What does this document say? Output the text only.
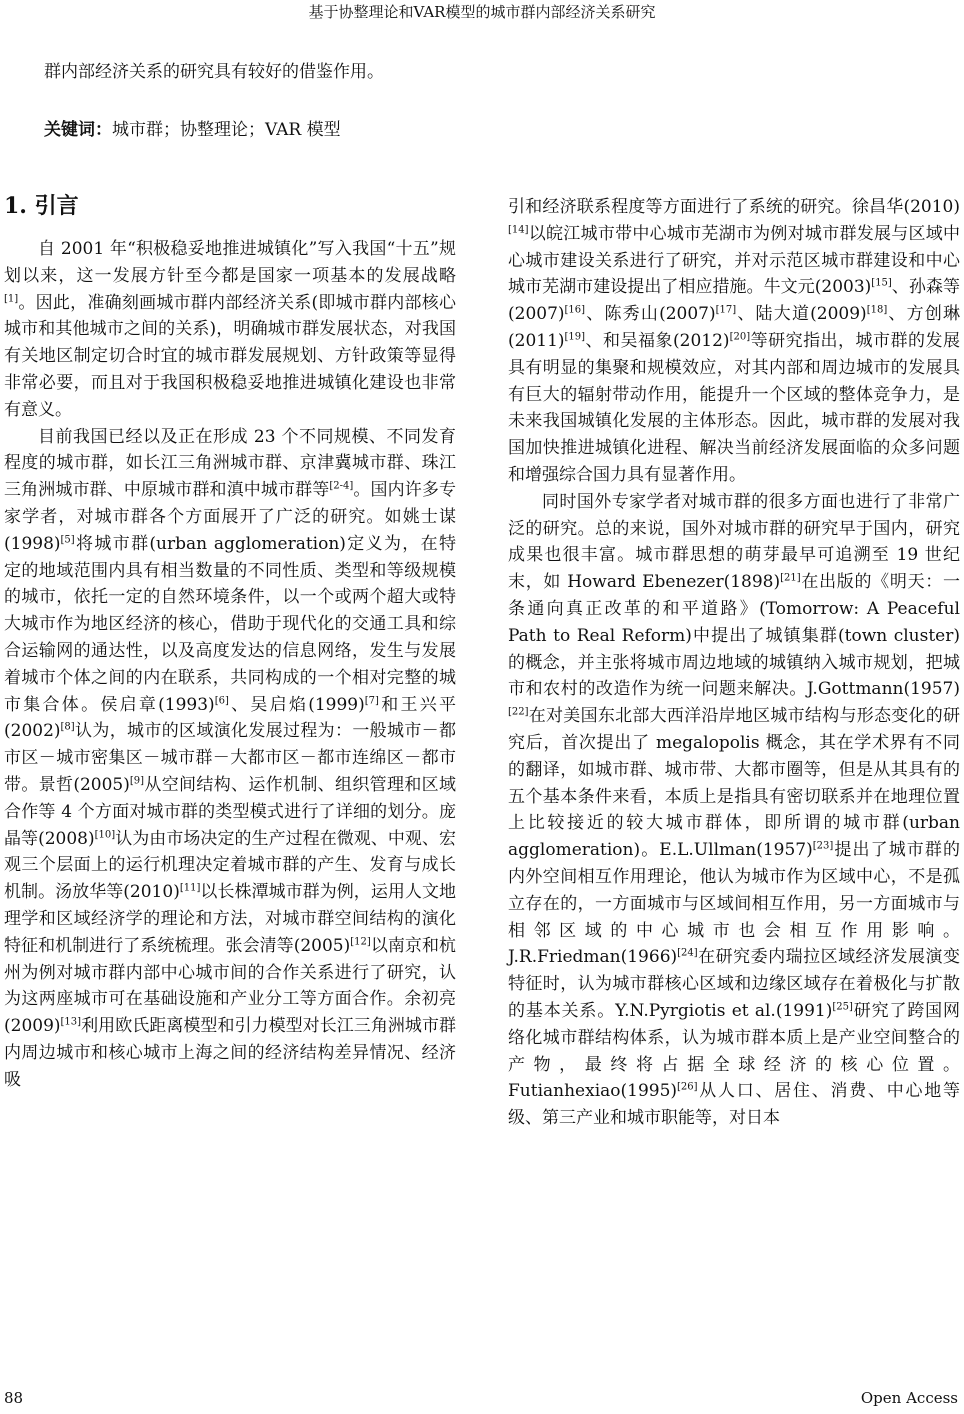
基于协整理论和VAR模型的城市群内部经济关系研究
群内部经济关系的研究具有较好的借鉴作用。
关键词：城市群；协整理论；VAR 模型
1. 引言

自 2001 年“积极稳妥地推进城镇化”写入我国“十五”规划以来，这一发展方针至今都是国家一项基本的发展战略[1]。因此，准确刻画城市群内部经济关系(即城市群内部核心城市和其他城市之间的关系)，明确城市群发展状态，对我国有关地区制定切合时宜的城市群发展规划、方针政策等显得非常必要，而且对于我国积极稳妥地推进城镇化建设也非常有意义。

目前我国已经以及正在形成 23 个不同规模、不同发育程度的城市群，如长江三角洲城市群、京津冀城市群、珠江三角洲城市群、中原城市群和滇中城市群等[2-4]。国内许多专家学者，对城市群各个方面展开了广泛的研究。如姚士谋(1998)[5]将城市群(urban agglomeration)定义为，在特定的地域范围内具有相当数量的不同性质、类型和等级规模的城市，依托一定的自然环境条件，以一个或两个超大或特大城市作为地区经济的核心，借助于现代化的交通工具和综合运输网的通达性，以及高度发达的信息网络，发生与发展着城市个体之间的内在联系，共同构成的一个相对完整的城市集合体。侯启章(1993)[6]、吴启焰(1999)[7]和王兴平(2002)[8]认为，城市的区域演化发展过程为：一般城市－都市区－城市密集区－城市群－大都市区－都市连绵区－都市带。景哲(2005)[9]从空间结构、运作机制、组织管理和区域合作等 4 个方面对城市群的类型模式进行了详细的划分。庞晶等(2008)[10]认为由市场决定的生产过程在微观、中观、宏观三个层面上的运行机理决定着城市群的产生、发育与成长机制。汤放华等(2010)[11]以长株潭城市群为例，运用人文地理学和区域经济学的理论和方法，对城市群空间结构的演化特征和机制进行了系统梳理。张会清等(2005)[12]以南京和杭州为例对城市群内部中心城市间的合作关系进行了研究，认为这两座城市可在基础设施和产业分工等方面合作。余初亮(2009)[13]利用欧氏距离模型和引力模型对长江三角洲城市群内周边城市和核心城市上海之间的经济结构差异情况、经济吸

引和经济联系程度等方面进行了系统的研究。徐昌华(2010)[14]以皖江城市带中心城市芜湖市为例对城市群发展与区域中心城市建设关系进行了研究，并对示范区城市群建设和中心城市芜湖市建设提出了相应措施。牛文元(2003)[15]、孙森等(2007)[16]、陈秀山(2007)[17]、陆大道(2009)[18]、方创琳(2011)[19]、和吴福象(2012)[20]等研究指出，城市群的发展具有明显的集聚和规模效应，对其内部和周边城市的发展具有巨大的辐射带动作用，能提升一个区域的整体竞争力，是未来我国城镇化发展的主体形态。因此，城市群的发展对我国加快推进城镇化进程、解决当前经济发展面临的众多问题和增强综合国力具有显著作用。

同时国外专家学者对城市群的很多方面也进行了非常广泛的研究。总的来说，国外对城市群的研究早于国内，研究成果也很丰富。城市群思想的萌芽最早可追溯至 19 世纪末，如 Howard Ebenezer(1898)[21]在出版的《明天：一条通向真正改革的和平道路》(Tomorrow: A Peaceful Path to Real Reform)中提出了城镇集群(town cluster)的概念，并主张将城市周边地域的城镇纳入城市规划，把城市和农村的改造作为统一问题来解决。J.Gottmann(1957)[22]在对美国东北部大西洋沿岸地区城市结构与形态变化的研究后，首次提出了 megalopolis 概念，其在学术界有不同的翻译，如城市群、城市带、大都市圈等，但是从其具有的五个基本条件来看，本质上是指具有密切联系并在地理位置上比较接近的较大城市群体，即所谓的城市群(urban agglomeration)。E.L.Ullman(1957)[23]提出了城市群的内外空间相互作用理论，他认为城市作为区域中心，不是孤立存在的，一方面城市与区域间相互作用，另一方面城市与相邻区域的中心城市也会相互作用影响。J.R.Friedman(1966)[24]在研究委内瑞拉区域经济发展演变特征时，认为城市群核心区域和边缘区域存在着极化与扩散的基本关系。Y.N.Pyrgiotis et al.(1991)[25]研究了跨国网络化城市群结构体系，认为城市群本质上是产业空间整合的产物，最终将占据全球经济的核心位置。Futianhexiao(1995)[26]从人口、居住、消费、中心地等级、第三产业和城市职能等，对日本

88	Open Access
